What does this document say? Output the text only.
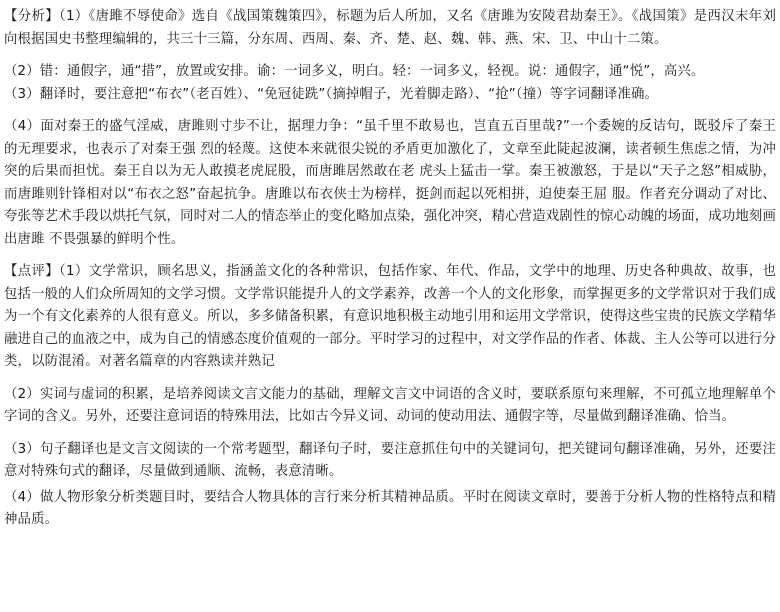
【分析】（1）《唐雎不辱使命》选自《战国策魏策四》，标题为后人所加，又名《唐雎为安陵君劫秦王》。《战国策》是西汉末年刘向根据国史书整理编辑的，共三十三篇，分东周、西周、秦、齐、楚、赵、魏、韩、燕、宋、卫、中山十二策。

（2）错：通假字，通“措”，放置或安排。谕：一词多义，明白。轻：一词多义，轻视。说：通假字，通“悦”，高兴。

（3）翻译时，要注意把“布衣”（老百姓）、“免冠徒跣”（摘掉帽子，光着脚走路）、“抢”（撞）等字词翻译准确。

（4）面对秦王的盛气淫威，唐雎则寸步不让，据理力争：“虽千里不敢易也，岂直五百里哉?”一个委婉的反诘句，既驳斥了秦王的无理要求，也表示了对秦王强 烈的轻蔑。这使本来就很尖锐的矛盾更加激化了，文章至此陡起波澜，读者顿生焦虑之情，为冲突的后果而担忧。秦王自以为无人敢摸老虎屁股，而唐雎居然敢在老 虎头上猛击一掌。秦王被激怒，于是以“天子之怒”相威胁，而唐雎则针锋相对以“布衣之怒”奋起抗争。唐雎以布衣侠士为榜样，挺剑而起以死相拼，迫使秦王屈 服。作者充分调动了对比、夸张等艺术手段以烘托气氛，同时对二人的情态举止的变化略加点染，强化冲突，精心营造戏剧性的惊心动魄的场面，成功地刻画出唐雎 不畏强暴的鲜明个性。

【点评】（1）文学常识，顾名思义，指涵盖文化的各种常识，包括作家、年代、作品，文学中的地理、历史各种典故、故事，也包括一般的人们众所周知的文学习惯。文学常识能提升人的文学素养，改善一个人的文化形象，而掌握更多的文学常识对于我们成为一个有文化素养的人很有意义。所以，多多储备积累，有意识地积极主动地引用和运用文学常识，使得这些宝贵的民族文学精华融进自己的血液之中，成为自己的情感态度价值观的一部分。平时学习的过程中，对文学作品的作者、体裁、主人公等可以进行分类，以防混淆。对著名篇章的内容熟读并熟记

（2）实词与虚词的积累，是培养阅读文言文能力的基础，理解文言文中词语的含义时，要联系原句来理解，不可孤立地理解单个字词的含义。另外，还要注意词语的特殊用法，比如古今异义词、动词的使动用法、通假字等，尽量做到翻译准确、恰当。

（3）句子翻译也是文言文阅读的一个常考题型，翻译句子时，要注意抓住句中的关键词句，把关键词句翻译准确，另外，还要注意对特殊句式的翻译，尽量做到通顺、流畅，表意清晰。

（4）做人物形象分析类题目时，要结合人物具体的言行来分析其精神品质。平时在阅读文章时，要善于分析人物的性格特点和精神品质。
